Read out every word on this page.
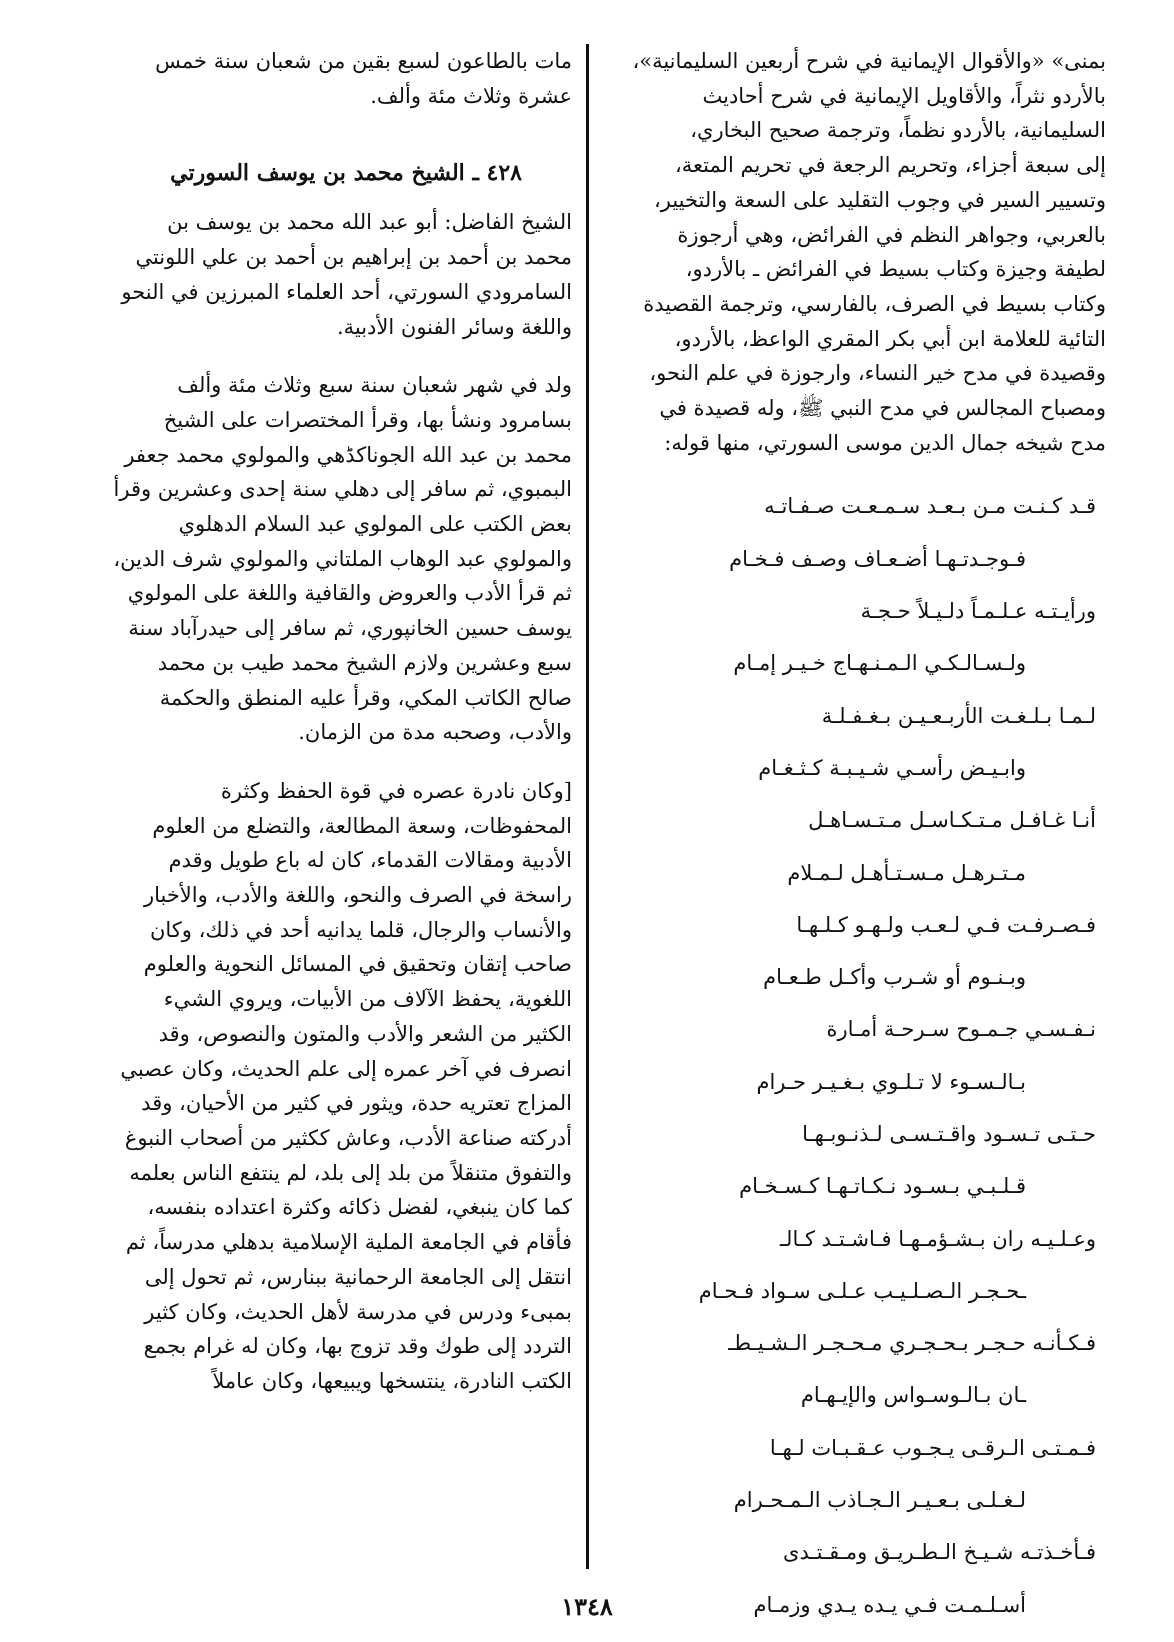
بمنى» «والأقوال الإيمانية في شرح أربعين السليمانية»،
بالأردو نثراً، والأقاويل الإيمانية في شرح أحاديث
السليمانية، بالأردو نظماً، وترجمة صحيح البخاري،
إلى سبعة أجزاء، وتحريم الرجعة في تحريم المتعة،
وتسيير السير في وجوب التقليد على السعة والتخيير،
بالعربي، وجواهر النظم في الفرائض، وهي أرجوزة
لطيفة وجيزة وكتاب بسيط في الفرائض ـ بالأردو،
وكتاب بسيط في الصرف، بالفارسي، وترجمة القصيدة
التائية للعلامة ابن أبي بكر المقري الواعظ، بالأردو،
وقصيدة في مدح خير النساء، وارجوزة في علم النحو،
ومصباح المجالس في مدح النبي ﷺ، وله قصيدة في
مدح شيخه جمال الدين موسى السورتي، منها قوله:
قـد كـنـت مـن بـعـد سـمـعـت صـفـاتـه
فـوجـدتـهـا أضـعـاف وصـف فـخـام
ورأيـتـه عـلـمـاً دلـيـلاً حـجـة
ولـسـالـكـي الـمـنـهـاج خـيـر إمـام
لـمـا بـلـغـت الأربـعـيـن بـغـفـلـة
وابـيـض رأسـي شـيـبـة كـثـغـام
أنـا غـافـل مـتـكـاسـل مـتـسـاهـل
مـتـرهـل مـسـتـأهـل لـمـلام
فـصـرفـت فـي لـعـب ولـهـو كـلـهـا
وبـنـوم أو شـرب وأكـل طـعـام
نـفـسـي جـمـوح سـرحـة أمـارة
بـالـسـوء لا تـلـوي بـغـيـر حـرام
حـتـى تـسـود واقـتـسـى لـذنـوبـهـا
قـلـبـي بـسـود نـكـاتـهـا كـسـخـام
وعـلـيـه ران بـشـؤمـهـا فـاشـتـد كـالـ
ـحـجـر الـصـلـيـب عـلـى سـواد فـحـام
فـكـأنـه حـجـر بـحـجـري مـحـجـر الـشـيـطـ
ـان بـالـوسـواس والإيـهـام
فـمـتـى الـرقـى يـجـوب عـقـبـات لـهـا
لـغـلـى بـعـيـر الـجـاذب الـمـحـرام
فـأخـذتـه شـيـخ الـطـريـق ومـقـتـدى
أسـلـمـت فـي يـده يـدي وزمـام
مات بالطاعون لسبع بقين من شعبان سنة خمس
عشرة وثلاث مئة وألف.
٤٢٨ ـ الشيخ محمد بن يوسف السورتي
الشيخ الفاضل: أبو عبد الله محمد بن يوسف بن
محمد بن أحمد بن إبراهيم بن أحمد بن علي اللونتي
السامرودي السورتي، أحد العلماء المبرزين في النحو
واللغة وسائر الفنون الأدبية.
ولد في شهر شعبان سنة سبع وثلاث مئة وألف
بسامرود ونشأ بها، وقرأ المختصرات على الشيخ
محمد بن عبد الله الجوناكڈهي والمولوي محمد جعفر
البمبوي، ثم سافر إلى دهلي سنة إحدى وعشرين وقرأ
بعض الكتب على المولوي عبد السلام الدهلوي
والمولوي عبد الوهاب الملتاني والمولوي شرف الدين،
ثم قرأ الأدب والعروض والقافية واللغة على المولوي
يوسف حسين الخانپوري، ثم سافر إلى حيدرآباد سنة
سبع وعشرين ولازم الشيخ محمد طيب بن محمد
صالح الكاتب المكي، وقرأ عليه المنطق والحكمة
والأدب، وصحبه مدة من الزمان.
[وكان نادرة عصره في قوة الحفظ وكثرة
المحفوظات، وسعة المطالعة، والتضلع من العلوم
الأدبية ومقالات القدماء، كان له باع طويل وقدم
راسخة في الصرف والنحو، واللغة والأدب، والأخبار
والأنساب والرجال، قلما يدانيه أحد في ذلك، وكان
صاحب إتقان وتحقيق في المسائل النحوية والعلوم
اللغوية، يحفظ الآلاف من الأبيات، ويروي الشيء
الكثير من الشعر والأدب والمتون والنصوص، وقد
انصرف في آخر عمره إلى علم الحديث، وكان عصبي
المزاج تعتريه حدة، ويثور في كثير من الأحيان، وقد
أدركته صناعة الأدب، وعاش ككثير من أصحاب النبوغ
والتفوق متنقلاً من بلد إلى بلد، لم ينتفع الناس بعلمه
كما كان ينبغي، لفضل ذكائه وكثرة اعتداده بنفسه،
فأقام في الجامعة الملية الإسلامية بدهلي مدرساً، ثم
انتقل إلى الجامعة الرحمانية ببنارس، ثم تحول إلى
بمبىء ودرس في مدرسة لأهل الحديث، وكان كثير
التردد إلى طوك وقد تزوج بها، وكان له غرام بجمع
الكتب النادرة، ينتسخها ويبيعها، وكان عاملاً
١٣٤٨
